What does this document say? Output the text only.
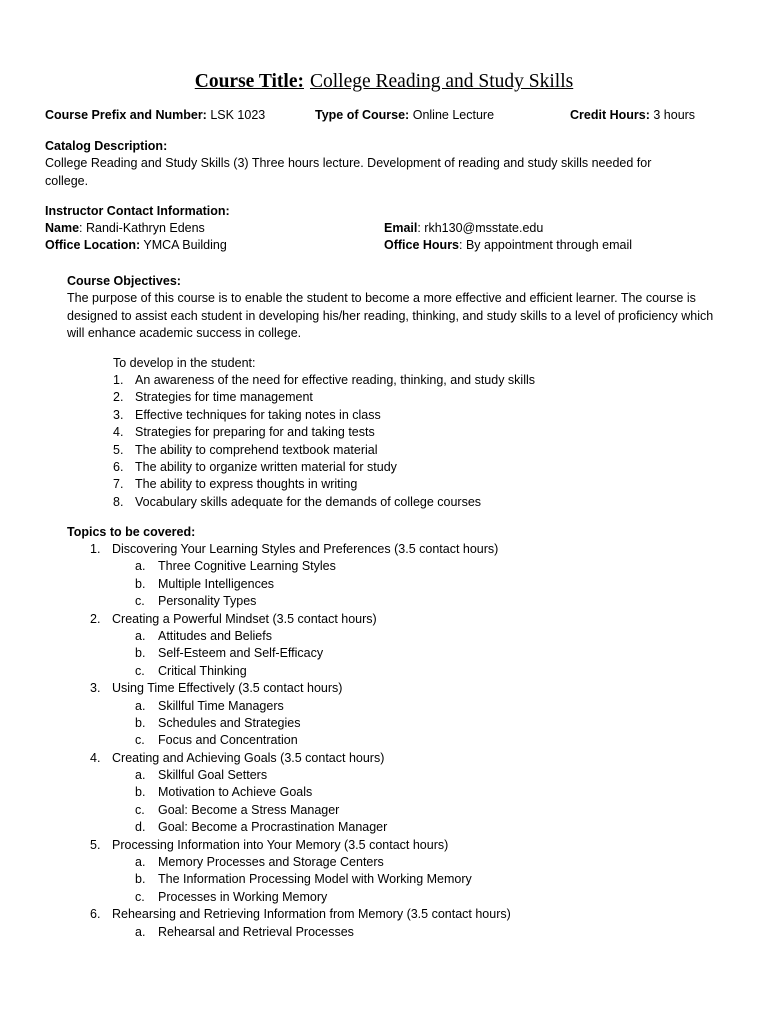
Course Title: College Reading and Study Skills
Course Prefix and Number: LSK 1023	Type of Course: Online Lecture	Credit Hours: 3 hours
Catalog Description:
College Reading and Study Skills (3) Three hours lecture. Development of reading and study skills needed for college.
Instructor Contact Information:
Name: Randi-Kathryn Edens	Email: rkh130@msstate.edu
Office Location: YMCA Building	Office Hours: By appointment through email
Course Objectives:
The purpose of this course is to enable the student to become a more effective and efficient learner. The course is designed to assist each student in developing his/her reading, thinking, and study skills to a level of proficiency which will enhance academic success in college.
To develop in the student:
1. An awareness of the need for effective reading, thinking, and study skills
2. Strategies for time management
3. Effective techniques for taking notes in class
4. Strategies for preparing for and taking tests
5. The ability to comprehend textbook material
6. The ability to organize written material for study
7. The ability to express thoughts in writing
8. Vocabulary skills adequate for the demands of college courses
Topics to be covered:
1. Discovering Your Learning Styles and Preferences (3.5 contact hours)
a. Three Cognitive Learning Styles
b. Multiple Intelligences
c. Personality Types
2. Creating a Powerful Mindset (3.5 contact hours)
a. Attitudes and Beliefs
b. Self-Esteem and Self-Efficacy
c. Critical Thinking
3. Using Time Effectively (3.5 contact hours)
a. Skillful Time Managers
b. Schedules and Strategies
c. Focus and Concentration
4. Creating and Achieving Goals (3.5 contact hours)
a. Skillful Goal Setters
b. Motivation to Achieve Goals
c. Goal: Become a Stress Manager
d. Goal: Become a Procrastination Manager
5. Processing Information into Your Memory (3.5 contact hours)
a. Memory Processes and Storage Centers
b. The Information Processing Model with Working Memory
c. Processes in Working Memory
6. Rehearsing and Retrieving Information from Memory (3.5 contact hours)
a. Rehearsal and Retrieval Processes
